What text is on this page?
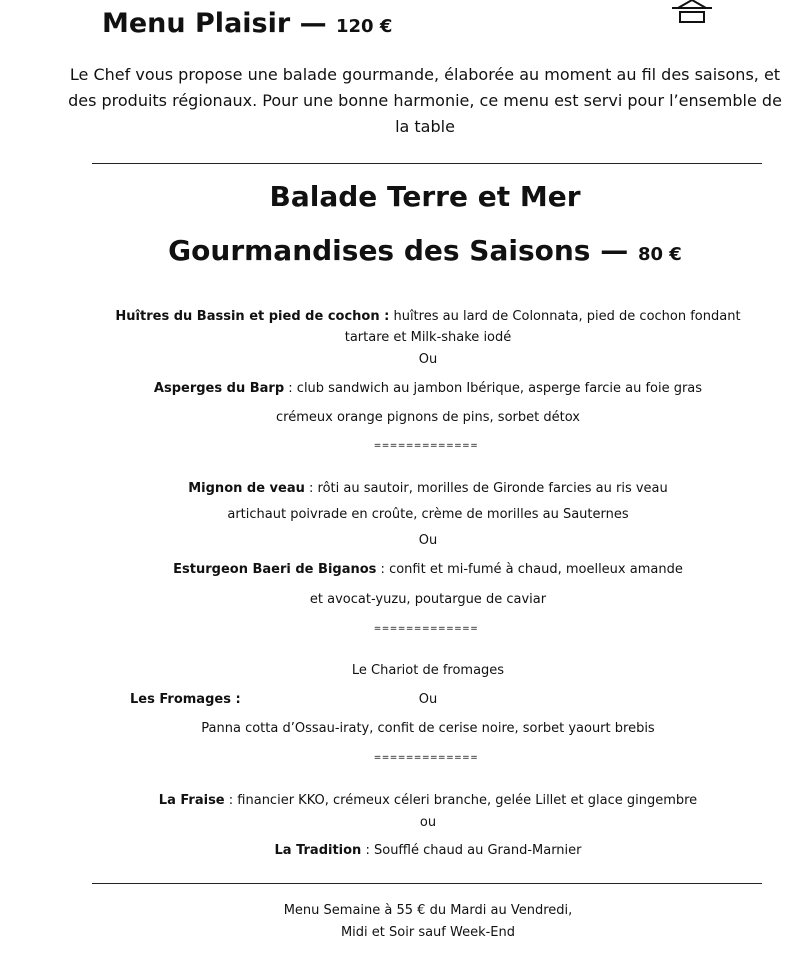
Menu Plaisir — 120 €
Le Chef vous propose une balade gourmande, élaborée au moment au fil des saisons, et des produits régionaux. Pour une bonne harmonie, ce menu est servi pour l’ensemble de la table
Balade Terre et Mer
Gourmandises des Saisons — 80 €
Huîtres du Bassin et pied de cochon : huîtres au lard de Colonnata, pied de cochon fondant
tartare et Milk-shake iodé
Ou
Asperges du Barp : club sandwich au jambon Ibérique, asperge farcie au foie gras
crémeux orange pignons de pins, sorbet détox
=============
Mignon de veau : rôti au sautoir, morilles de Gironde farcies au ris veau
artichaut poivrade en croûte, crème de morilles au Sauternes
Ou
Esturgeon Baeri de Biganos : confit et mi-fumé à chaud, moelleux amande
et avocat-yuzu, poutargue de caviar
=============
Le Chariot de fromages
Les Fromages :	Ou
Panna cotta d’Ossau-iraty, confit de cerise noire, sorbet yaourt brebis
=============
La Fraise : financier KKO, crémeux céleri branche, gelée Lillet et glace gingembre
ou
La Tradition : Soufflé chaud au Grand-Marnier
Menu Semaine à 55 € du Mardi au Vendredi,
Midi et Soir sauf Week-End
